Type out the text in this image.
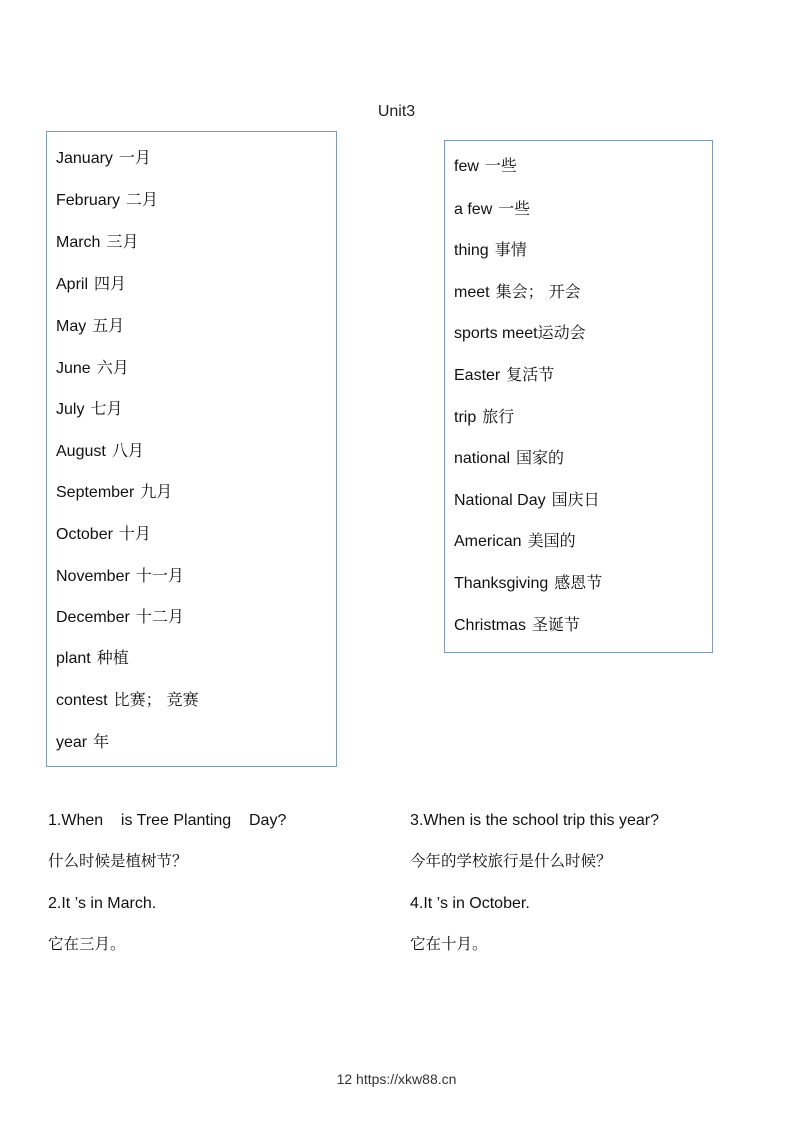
Unit3
January 一月
February 二月
March 三月
April 四月
May 五月
June 六月
July 七月
August 八月
September 九月
October 十月
November 十一月
December 十二月
plant 种植
contest 比赛； 竞赛
year 年
few 一些
a few 一些
thing 事情
meet 集会； 开会
sports meet运动会
Easter 复活节
trip 旅行
national 国家的
National Day 国庆日
American 美国的
Thanksgiving 感恩节
Christmas 圣诞节
1.When    is Tree Planting    Day?
什么时候是植树节？
2.It ’s in March.
它在三月。
3.When is the school trip this year?
今年的学校旅行是什么时候？
4.It ’s in October.
它在十月。
12 https://xkw88.cn
